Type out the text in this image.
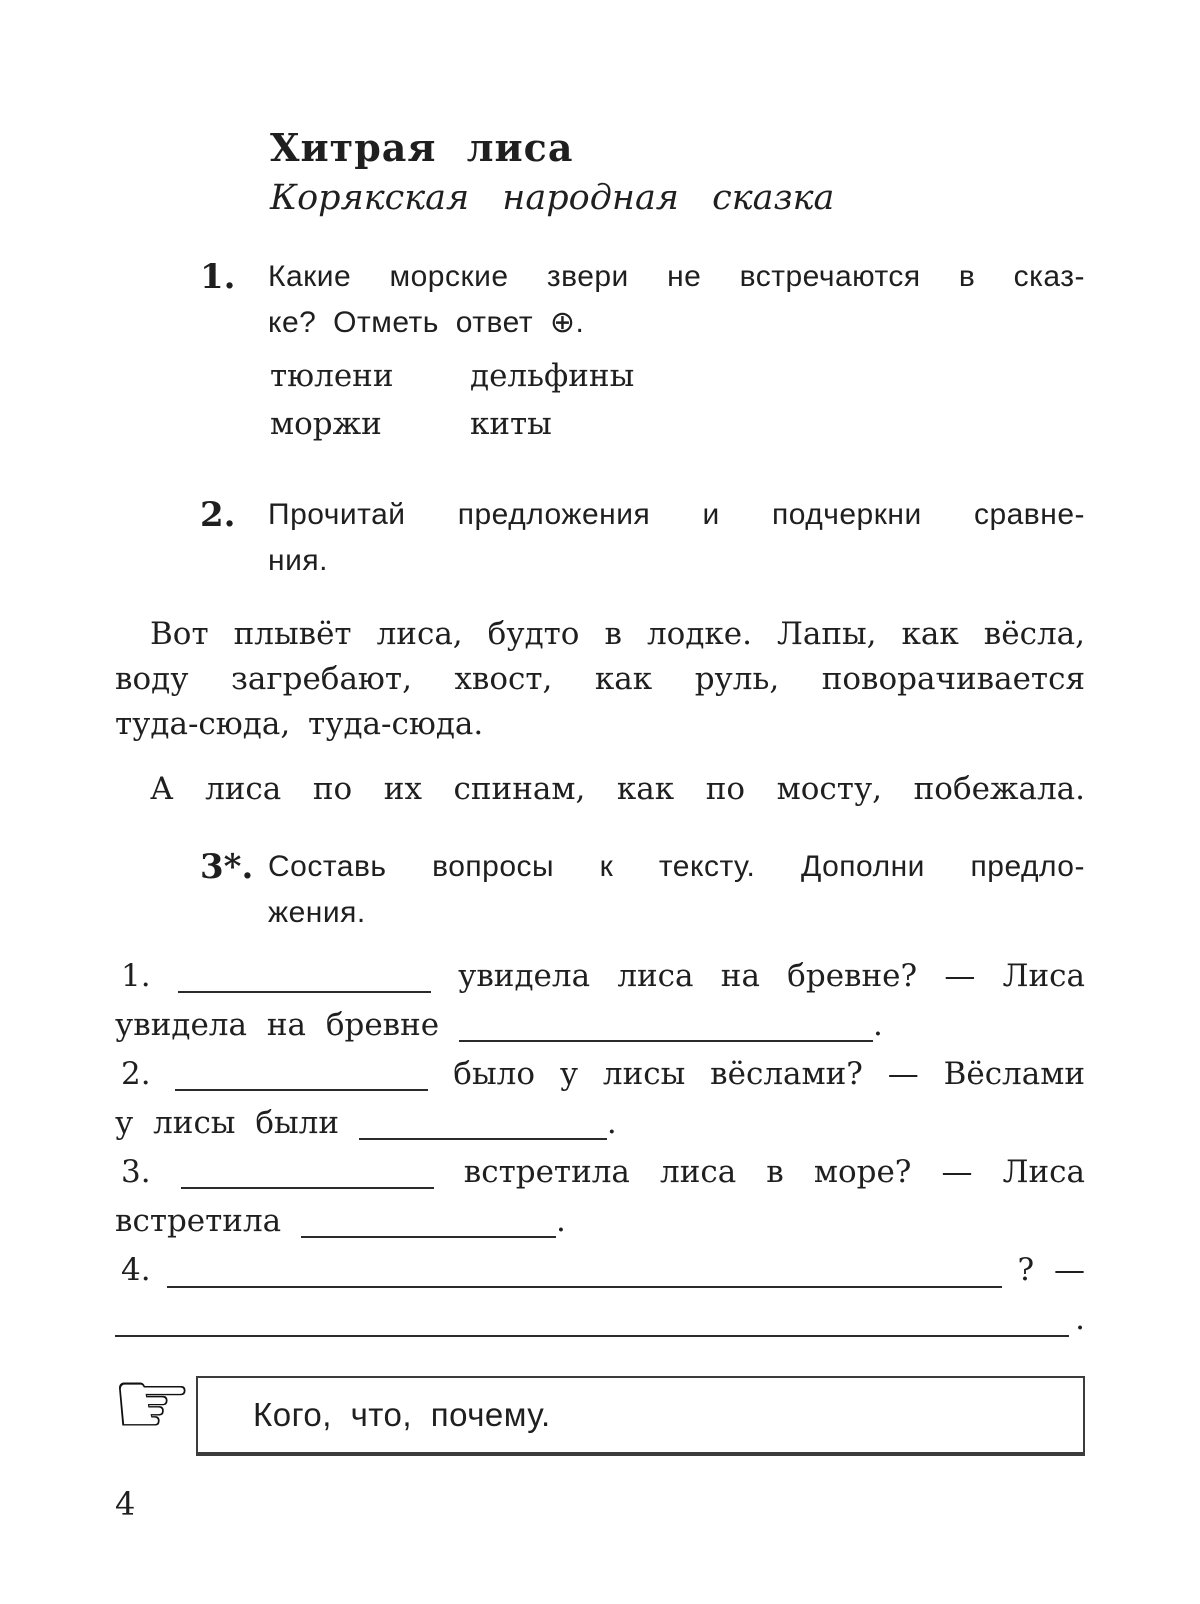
Хитрая лиса
Корякская народная сказка
1.	Какие морские звери не встречаются в сказ-
ке? Отметь ответ ⊕.
тюлени	дельфины
моржи	киты
2.	Прочитай предложения и подчеркни сравне-
ния.
Вот плывёт лиса, будто в лодке. Лапы, как вёсла,
воду загребают, хвост, как руль, поворачивается
туда-сюда, туда-сюда.
А лиса по их спинам, как по мосту, побежала.
3*. Составь вопросы к тексту. Дополни предло-
жения.
1.	увидела лиса на бревне? — Лиса
увидела на бревне	.
2.	было у лисы вёслами? — Вёслами
у лисы были	.
3.	встретила лиса в море? — Лиса
встретила	.
4.	? —
.
☞ Кого, что, почему.
4
